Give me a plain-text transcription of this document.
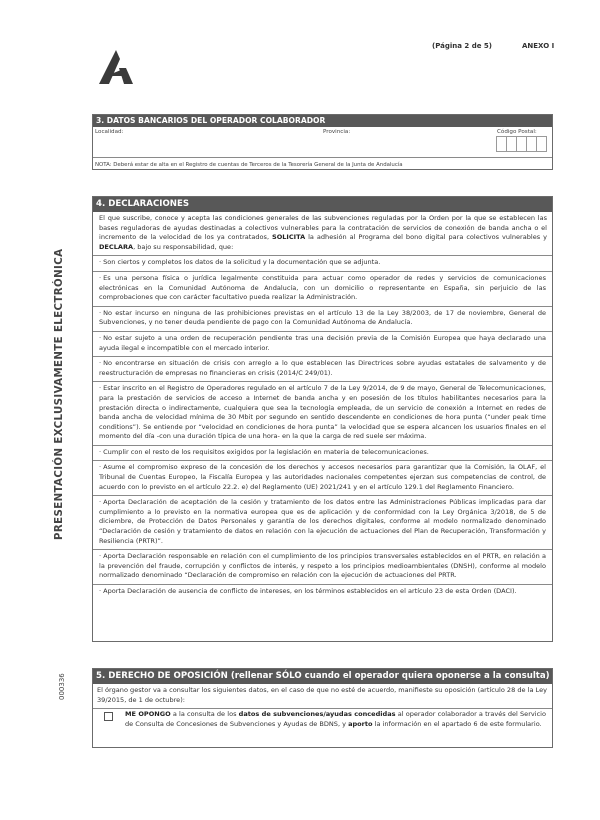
(Página 2 de 5)	ANEXO I
PRESENTACIÓN EXCLUSIVAMENTE ELECTRÓNICA
000336
3. DATOS BANCARIOS DEL OPERADOR COLABORADOR
Localidad:	Provincia:	Código Postal:
NOTA: Deberá estar de alta en el Registro de cuentas de Terceros de la Tesorería General de la Junta de Andalucía
4. DECLARACIONES
El que suscribe, conoce y acepta las condiciones generales de las subvenciones reguladas por la Orden por la que se establecen las bases reguladoras de ayudas destinadas a colectivos vulnerables para la contratación de servicios de conexión de banda ancha o el incremento de la velocidad de los ya contratados, SOLICITA la adhesión al Programa del bono digital para colectivos vulnerables y DECLARA, bajo su responsabilidad, que:
· Son ciertos y completos los datos de la solicitud y la documentación que se adjunta.
· Es una persona física o jurídica legalmente constituida para actuar como operador de redes y servicios de comunicaciones electrónicas en la Comunidad Autónoma de Andalucía, con un domicilio o representante en España, sin perjuicio de las comprobaciones que con carácter facultativo pueda realizar la Administración.
· No estar incurso en ninguna de las prohibiciones previstas en el artículo 13 de la Ley 38/2003, de 17 de noviembre, General de Subvenciones, y no tener deuda pendiente de pago con la Comunidad Autónoma de Andalucía.
· No estar sujeto a una orden de recuperación pendiente tras una decisión previa de la Comisión Europea que haya declarado una ayuda ilegal e incompatible con el mercado interior.
· No encontrarse en situación de crisis con arreglo a lo que establecen las Directrices sobre ayudas estatales de salvamento y de reestructuración de empresas no financieras en crisis (2014/C 249/01).
· Estar inscrito en el Registro de Operadores regulado en el artículo 7 de la Ley 9/2014, de 9 de mayo, General de Telecomunicaciones, para la prestación de servicios de acceso a Internet de banda ancha y en posesión de los títulos habilitantes necesarios para la prestación directa o indirectamente, cualquiera que sea la tecnología empleada, de un servicio de conexión a Internet en redes de banda ancha de velocidad mínima de 30 Mbit por segundo en sentido descendente en condiciones de hora punta (“under peak time conditions”). Se entiende por “velocidad en condiciones de hora punta” la velocidad que se espera alcancen los usuarios finales en el momento del día -con una duración típica de una hora- en la que la carga de red suele ser máxima.
· Cumplir con el resto de los requisitos exigidos por la legislación en materia de telecomunicaciones.
· Asume el compromiso expreso de la concesión de los derechos y accesos necesarios para garantizar que la Comisión, la OLAF, el Tribunal de Cuentas Europeo, la Fiscalía Europea y las autoridades nacionales competentes ejerzan sus competencias de control, de acuerdo con lo previsto en el artículo 22.2. e) del Reglamento (UE) 2021/241 y en el artículo 129.1 del Reglamento Financiero.
· Aporta Declaración de aceptación de la cesión y tratamiento de los datos entre las Administraciones Públicas implicadas para dar cumplimiento a lo previsto en la normativa europea que es de aplicación y de conformidad con la Ley Orgánica 3/2018, de 5 de diciembre, de Protección de Datos Personales y garantía de los derechos digitales, conforme al modelo normalizado denominado “Declaración de cesión y tratamiento de datos en relación con la ejecución de actuaciones del Plan de Recuperación, Transformación y Resiliencia (PRTR)”.
· Aporta Declaración responsable en relación con el cumplimiento de los principios transversales establecidos en el PRTR, en relación a la prevención del fraude, corrupción y conflictos de interés, y respeto a los principios medioambientales (DNSH), conforme al modelo normalizado denominado “Declaración de compromiso en relación con la ejecución de actuaciones del PRTR.
· Aporta Declaración de ausencia de conflicto de intereses, en los términos establecidos en el artículo 23 de esta Orden (DACI).
5. DERECHO DE OPOSICIÓN (rellenar SÓLO cuando el operador quiera oponerse a la consulta)
El órgano gestor va a consultar los siguientes datos, en el caso de que no esté de acuerdo, manifieste su oposición (artículo 28 de la Ley 39/2015, de 1 de octubre):
ME OPONGO a la consulta de los datos de subvenciones/ayudas concedidas al operador colaborador a través del Servicio de Consulta de Concesiones de Subvenciones y Ayudas de BDNS, y aporto la información en el apartado 6 de este formulario.
